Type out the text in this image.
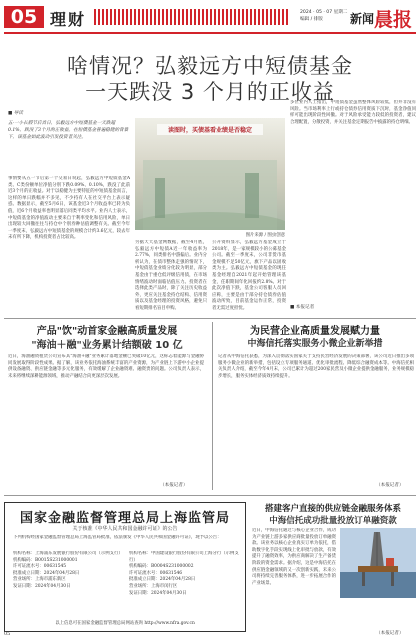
05 理财	2024 · 05 · 07 星期二
编辑 / 排版	新闻 晨报
啥情况？弘毅远方中短债基金
一天跌没 3 个月的正收益
■ 导读
五·一小长假节后首日，弘毅远方中短债基金一天跌超0.1%，跌没了3个月的正收益。在短债基金普遍稳健的背景下，该基金如此波动引发投资者关注。
事情要从五一节后第一个交易日说起，弘毅远方中短债基金A类、C类份额单位净值分别下跌0.09%、0.10%，跌没了此前近3个月的正收益。对于以稳健为主要特征的中短债基金而言，这样的单日跌幅并不多见，不少持有人在社交平台上表示疑惑。数据显示，截至5月6日，该基金近3个月收益率已转为负值，近6个月收益率也明显落后同类平均水平。业内人士表示，中短债基金的净值波动主要来自于利率变化和信用风险，单日出现较大回撤往往与持仓中个别券种估值调整有关。截至今年一季度末，弘毅远方中短债基金的规模合计约3.6亿元，较去年末有所下降，机构投资者占比较高。
读图时，买债基看业绩是否稳定
图片来源 / 图虫创意
另据天天基金网数据，截至4月底，弘毅远方中短债A近一年收益率为2.77%，同类排名中游偏后。业内分析认为，在债市整体走强的情况下，中短债基金业绩分化较为明显，部分基金由于重仓低评级信用债，在市场情绪波动时面临估值压力。投资者在选择此类产品时，除了关注历史收益外，更应关注基金持仓结构、信用资质以及基金经理的投资风格，避免只看短期排名盲目申购。
公开资料显示，弘毅远方基金成立于2018年，是一家规模较小的公募基金公司。截至一季度末，公司非货币基金规模不足50亿元，旗下产品以固收类为主。弘毅远方中短债基金的现任基金经理自2021年起开始管理该基金，任职期间年化回报约2.8%。对于此次净值下跌，基金公司客服人员回应称，主要是由于部分持仓债券估值波动所致，目前基金运作正常，投资者无需过度担忧。
多位业内人士指出，中短债基金虽然整体风险较低，但并非没有风险。当市场利率上行或持仓债券信用资质下沉时，基金净值同样可能出现阶段性回撤。对于风险承受能力较低的投资者，建议合理配置，分散投资，并关注基金定期报告中披露的持仓明细。
■ 本报记者
产品"饮"动首家金融高质量发展
"海油＋融"业务累计结额破 10 亿
近日，海油融资租赁公司宣布其"海油+融"业务累计落地金额已突破10亿元，这标志着能源与金融协同发展取得阶段性成果。据了解，该业务依托海油系统丰富的产业资源，为产业链上下游中小企业提供设备融资、供应链金融等多元化服务，有效缓解了企业融资难、融资贵的问题。公司负责人表示，未来将继续深耕能源领域，推动产融结合向更深层次发展。
（本报记者）
为民营企业高质量发展赋力量
中海信托落实服务小微企业新举措
记者从中海信托获悉，为深入贯彻落实国家关于支持民营经济发展的决策部署，该公司近日推出多项服务小微企业的新举措，包括设立专项服务通道、优化审批流程、降低综合融资成本等。中海信托相关负责人介绍，截至今年4月末，公司已累计为超过200家民营及小微企业提供金融服务，业务规模稳步增长，服务实体经济质效持续提升。
（本报记者）
国家金融监督管理总局上海监管局
关于核准《中华人民共和国金融许可证》的公告
下列机构经国家金融监督管理总局上海监管局批准，依法颁发《中华人民共和国金融许可证》，现予以公告：
机构名称：上海浦东发展银行股份有限公司（示例支行）
机构编码：B0015S231000001
许可证流水号：00631545
批准成立日期：2024年04月28日
营业场所：上海市浦东新区
发证日期：2024年04月30日
机构名称：中国建设银行股份有限公司上海分行（示例支行）
机构编码：B0004S231000002
许可证流水号：00631546
批准成立日期：2024年04月28日
营业场所：上海市闵行区
发证日期：2024年04月30日
以上信息可在国家金融监督管理总局网站查询 http://www.nfra.gov.cn
搭建客户直接的供应链金融服务体系
中海信托成功批量投放订单融资款
近日，中海信托通过与核心企业合作，成功为产业链上游多家供应商批量投放订单融资款。该业务以核心企业真实订单为依托，借助数字化手段实现线上化审批与放款，有效提升了融资效率，为供应商解决了生产备货阶段的资金需求。据介绍，这是中海信托在供应链金融领域的又一次创新实践，未来公司将持续完善服务体系，进一步拓展合作的产业场景。
（本报记者）
05
